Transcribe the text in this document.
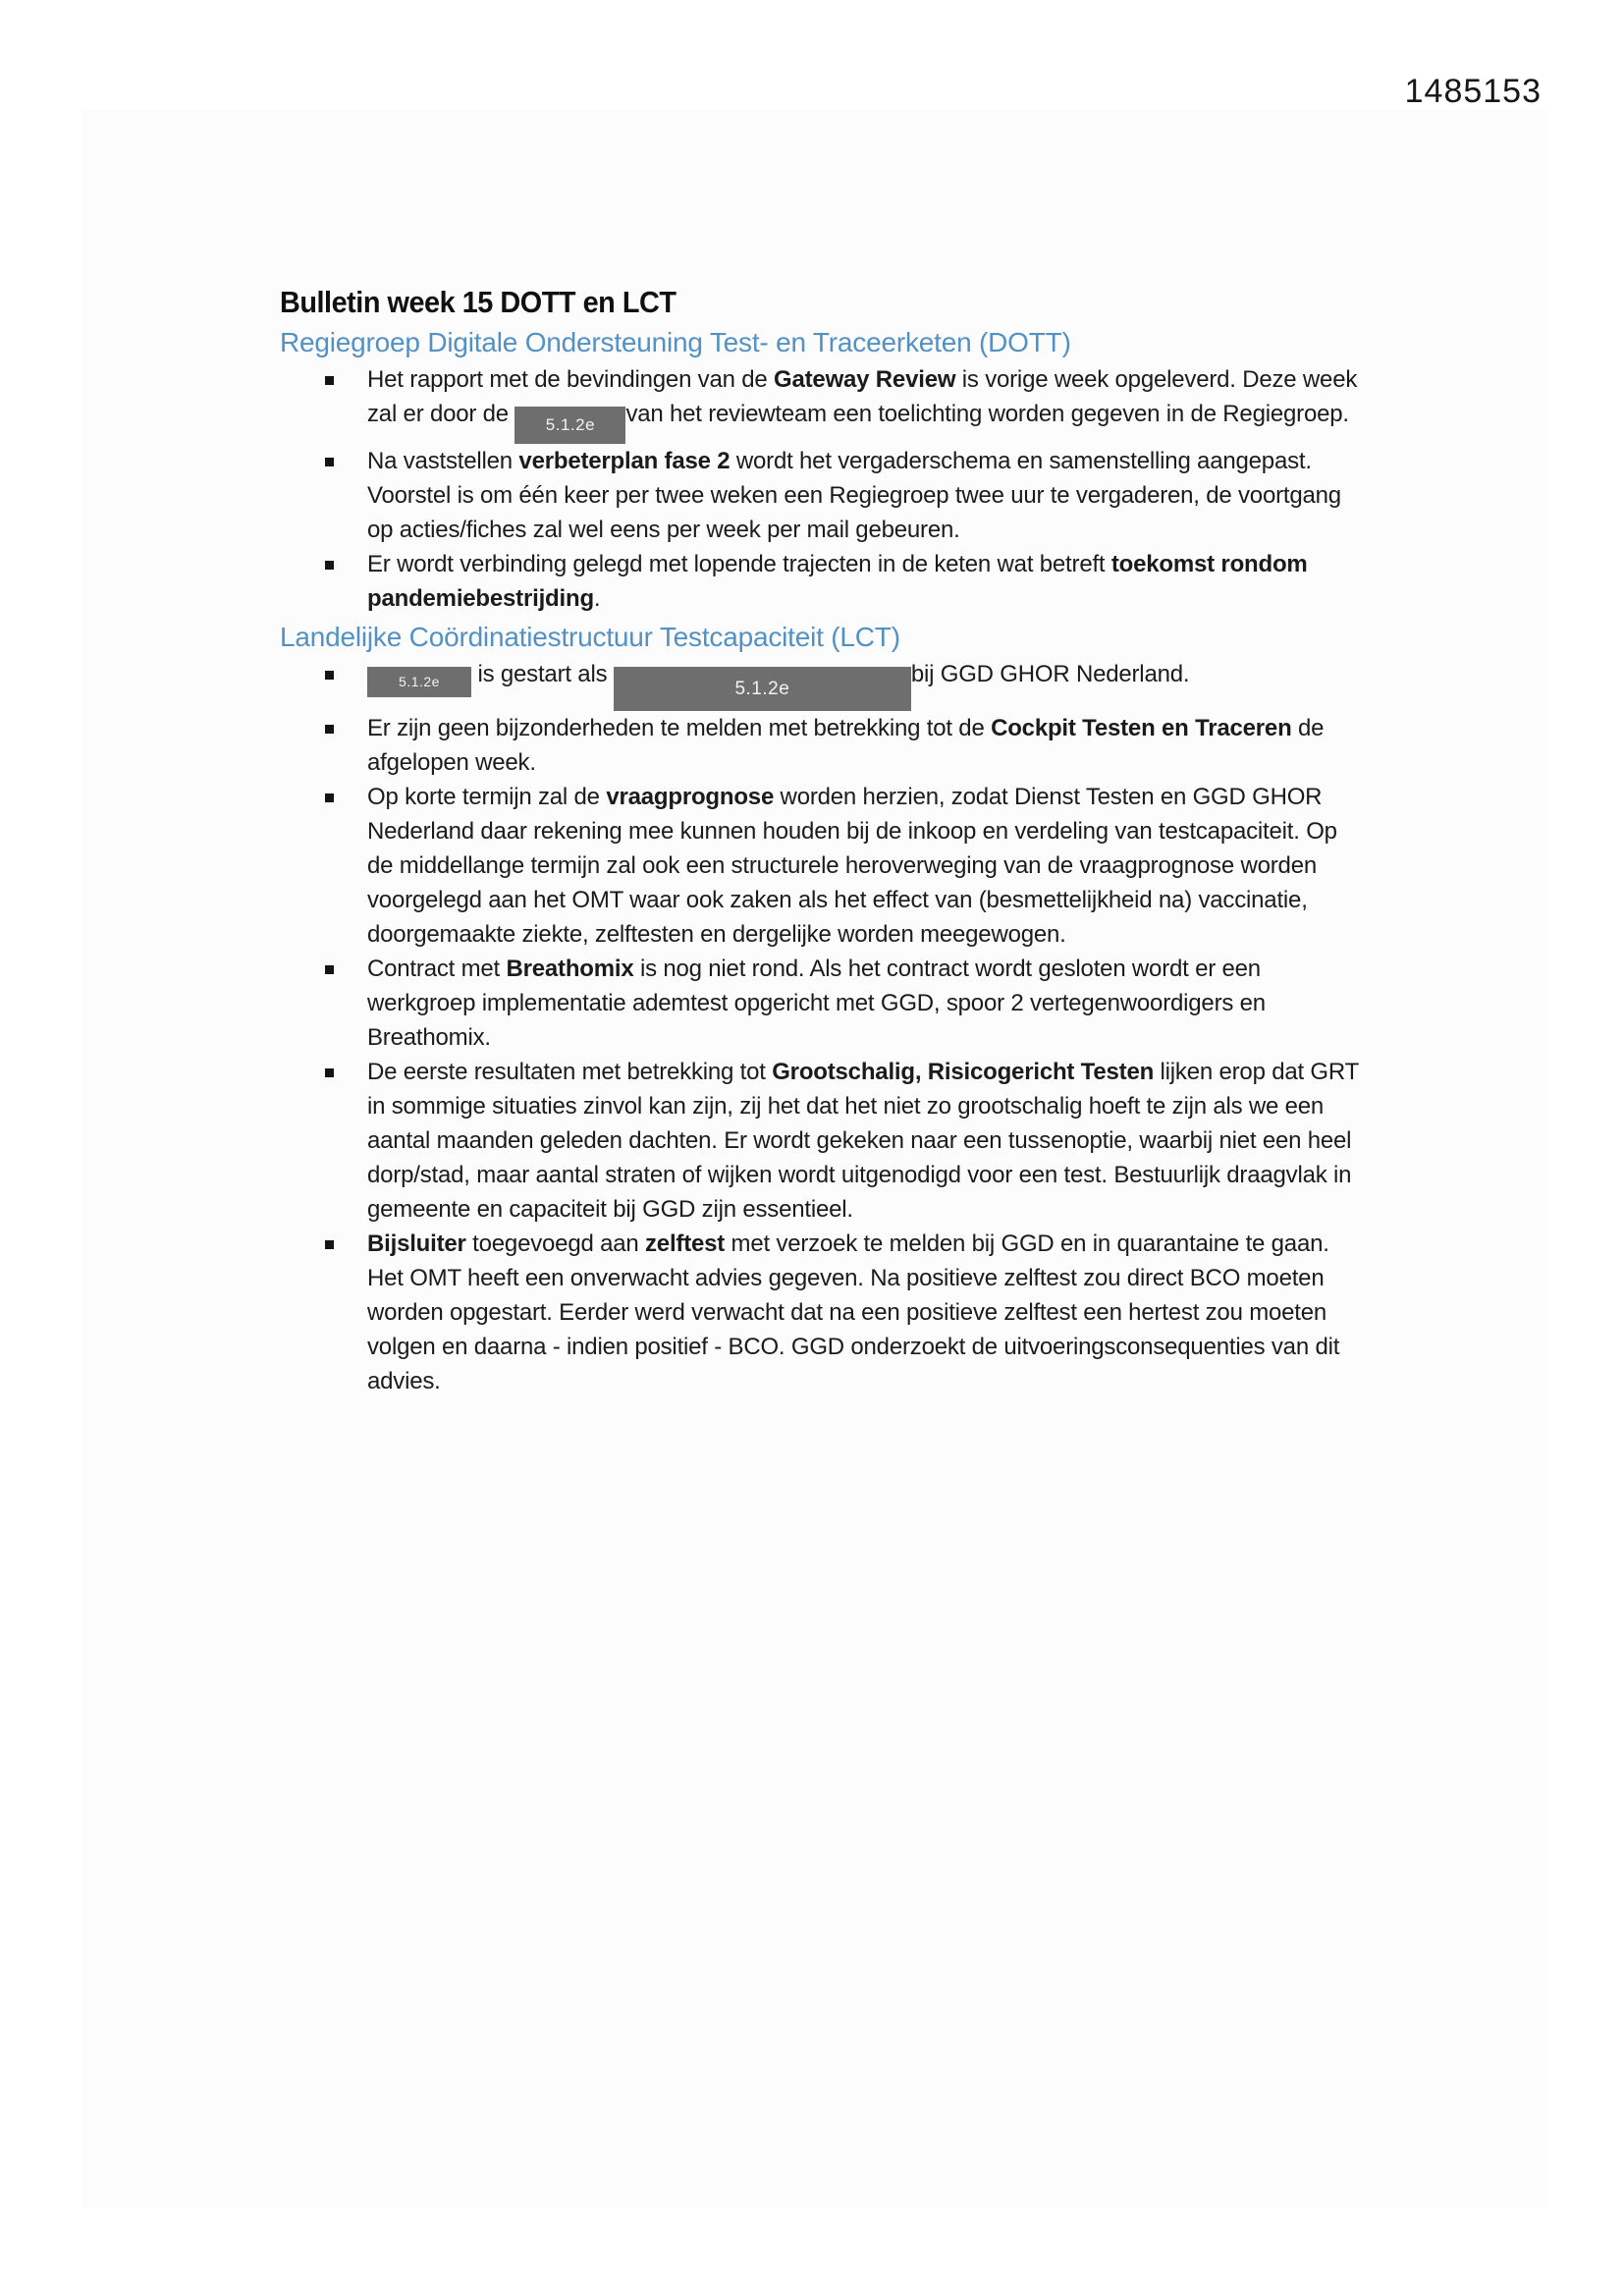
1485153
Bulletin week 15 DOTT en LCT
Regiegroep Digitale Ondersteuning Test- en Traceerketen (DOTT)
Het rapport met de bevindingen van de Gateway Review is vorige week opgeleverd. Deze week zal er door de 5.1.2e van het reviewteam een toelichting worden gegeven in de Regiegroep.
Na vaststellen verbeterplan fase 2 wordt het vergaderschema en samenstelling aangepast. Voorstel is om één keer per twee weken een Regiegroep twee uur te vergaderen, de voortgang op acties/fiches zal wel eens per week per mail gebeuren.
Er wordt verbinding gelegd met lopende trajecten in de keten wat betreft toekomst rondom pandemiebestrijding.
Landelijke Coördinatiestructuur Testcapaciteit (LCT)
5.1.2e is gestart als 5.1.2ebij GGD GHOR Nederland.
Er zijn geen bijzonderheden te melden met betrekking tot de Cockpit Testen en Traceren de afgelopen week.
Op korte termijn zal de vraagprognose worden herzien, zodat Dienst Testen en GGD GHOR Nederland daar rekening mee kunnen houden bij de inkoop en verdeling van testcapaciteit. Op de middellange termijn zal ook een structurele heroverweging van de vraagprognose worden voorgelegd aan het OMT waar ook zaken als het effect van (besmettelijkheid na) vaccinatie, doorgemaakte ziekte, zelftesten en dergelijke worden meegewogen.
Contract met Breathomix is nog niet rond. Als het contract wordt gesloten wordt er een werkgroep implementatie ademtest opgericht met GGD, spoor 2 vertegenwoordigers en Breathomix.
De eerste resultaten met betrekking tot Grootschalig, Risicogericht Testen lijken erop dat GRT in sommige situaties zinvol kan zijn, zij het dat het niet zo grootschalig hoeft te zijn als we een aantal maanden geleden dachten. Er wordt gekeken naar een tussenoptie, waarbij niet een heel dorp/stad, maar aantal straten of wijken wordt uitgenodigd voor een test. Bestuurlijk draagvlak in gemeente en capaciteit bij GGD zijn essentieel.
Bijsluiter toegevoegd aan zelftest met verzoek te melden bij GGD en in quarantaine te gaan. Het OMT heeft een onverwacht advies gegeven. Na positieve zelftest zou direct BCO moeten worden opgestart. Eerder werd verwacht dat na een positieve zelftest een hertest zou moeten volgen en daarna - indien positief - BCO. GGD onderzoekt de uitvoeringsconsequenties van dit advies.
